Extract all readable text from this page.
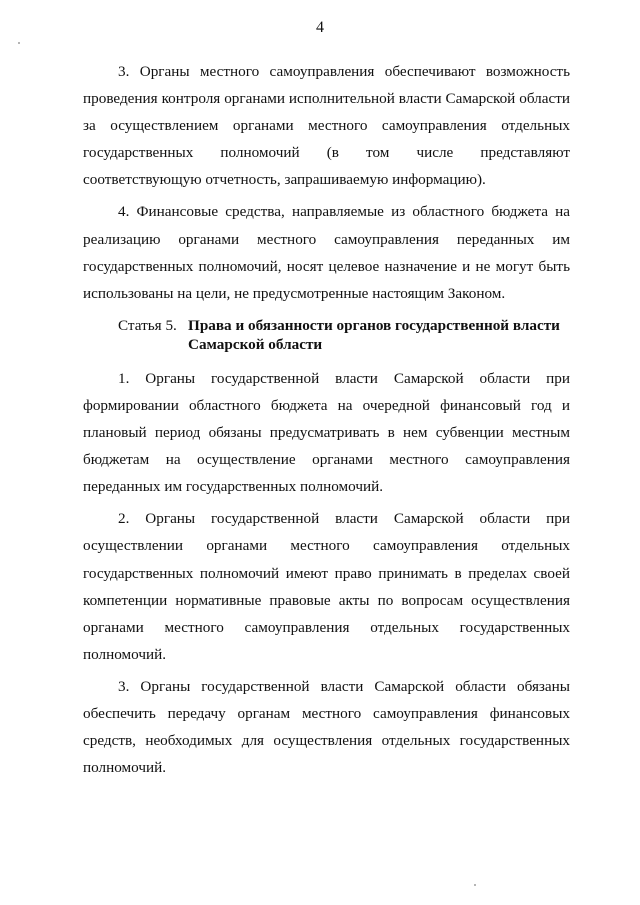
4

3. Органы местного самоуправления обеспечивают возможность проведения контроля органами исполнительной власти Самарской области за осуществлением органами местного самоуправления отдельных государственных полномочий (в том числе представляют соответствующую отчетность, запрашиваемую информацию).

4. Финансовые средства, направляемые из областного бюджета на реализацию органами местного самоуправления переданных им государственных полномочий, носят целевое назначение и не могут быть использованы на цели, не предусмотренные настоящим Законом.

Статья 5. Права и обязанности органов государственной власти Самарской области

1. Органы государственной власти Самарской области при формировании областного бюджета на очередной финансовый год и плановый период обязаны предусматривать в нем субвенции местным бюджетам на осуществление органами местного самоуправления переданных им государственных полномочий.

2. Органы государственной власти Самарской области при осуществлении органами местного самоуправления отдельных государственных полномочий имеют право принимать в пределах своей компетенции нормативные правовые акты по вопросам осуществления органами местного самоуправления отдельных государственных полномочий.

3. Органы государственной власти Самарской области обязаны обеспечить передачу органам местного самоуправления финансовых средств, необходимых для осуществления отдельных государственных полномочий.
